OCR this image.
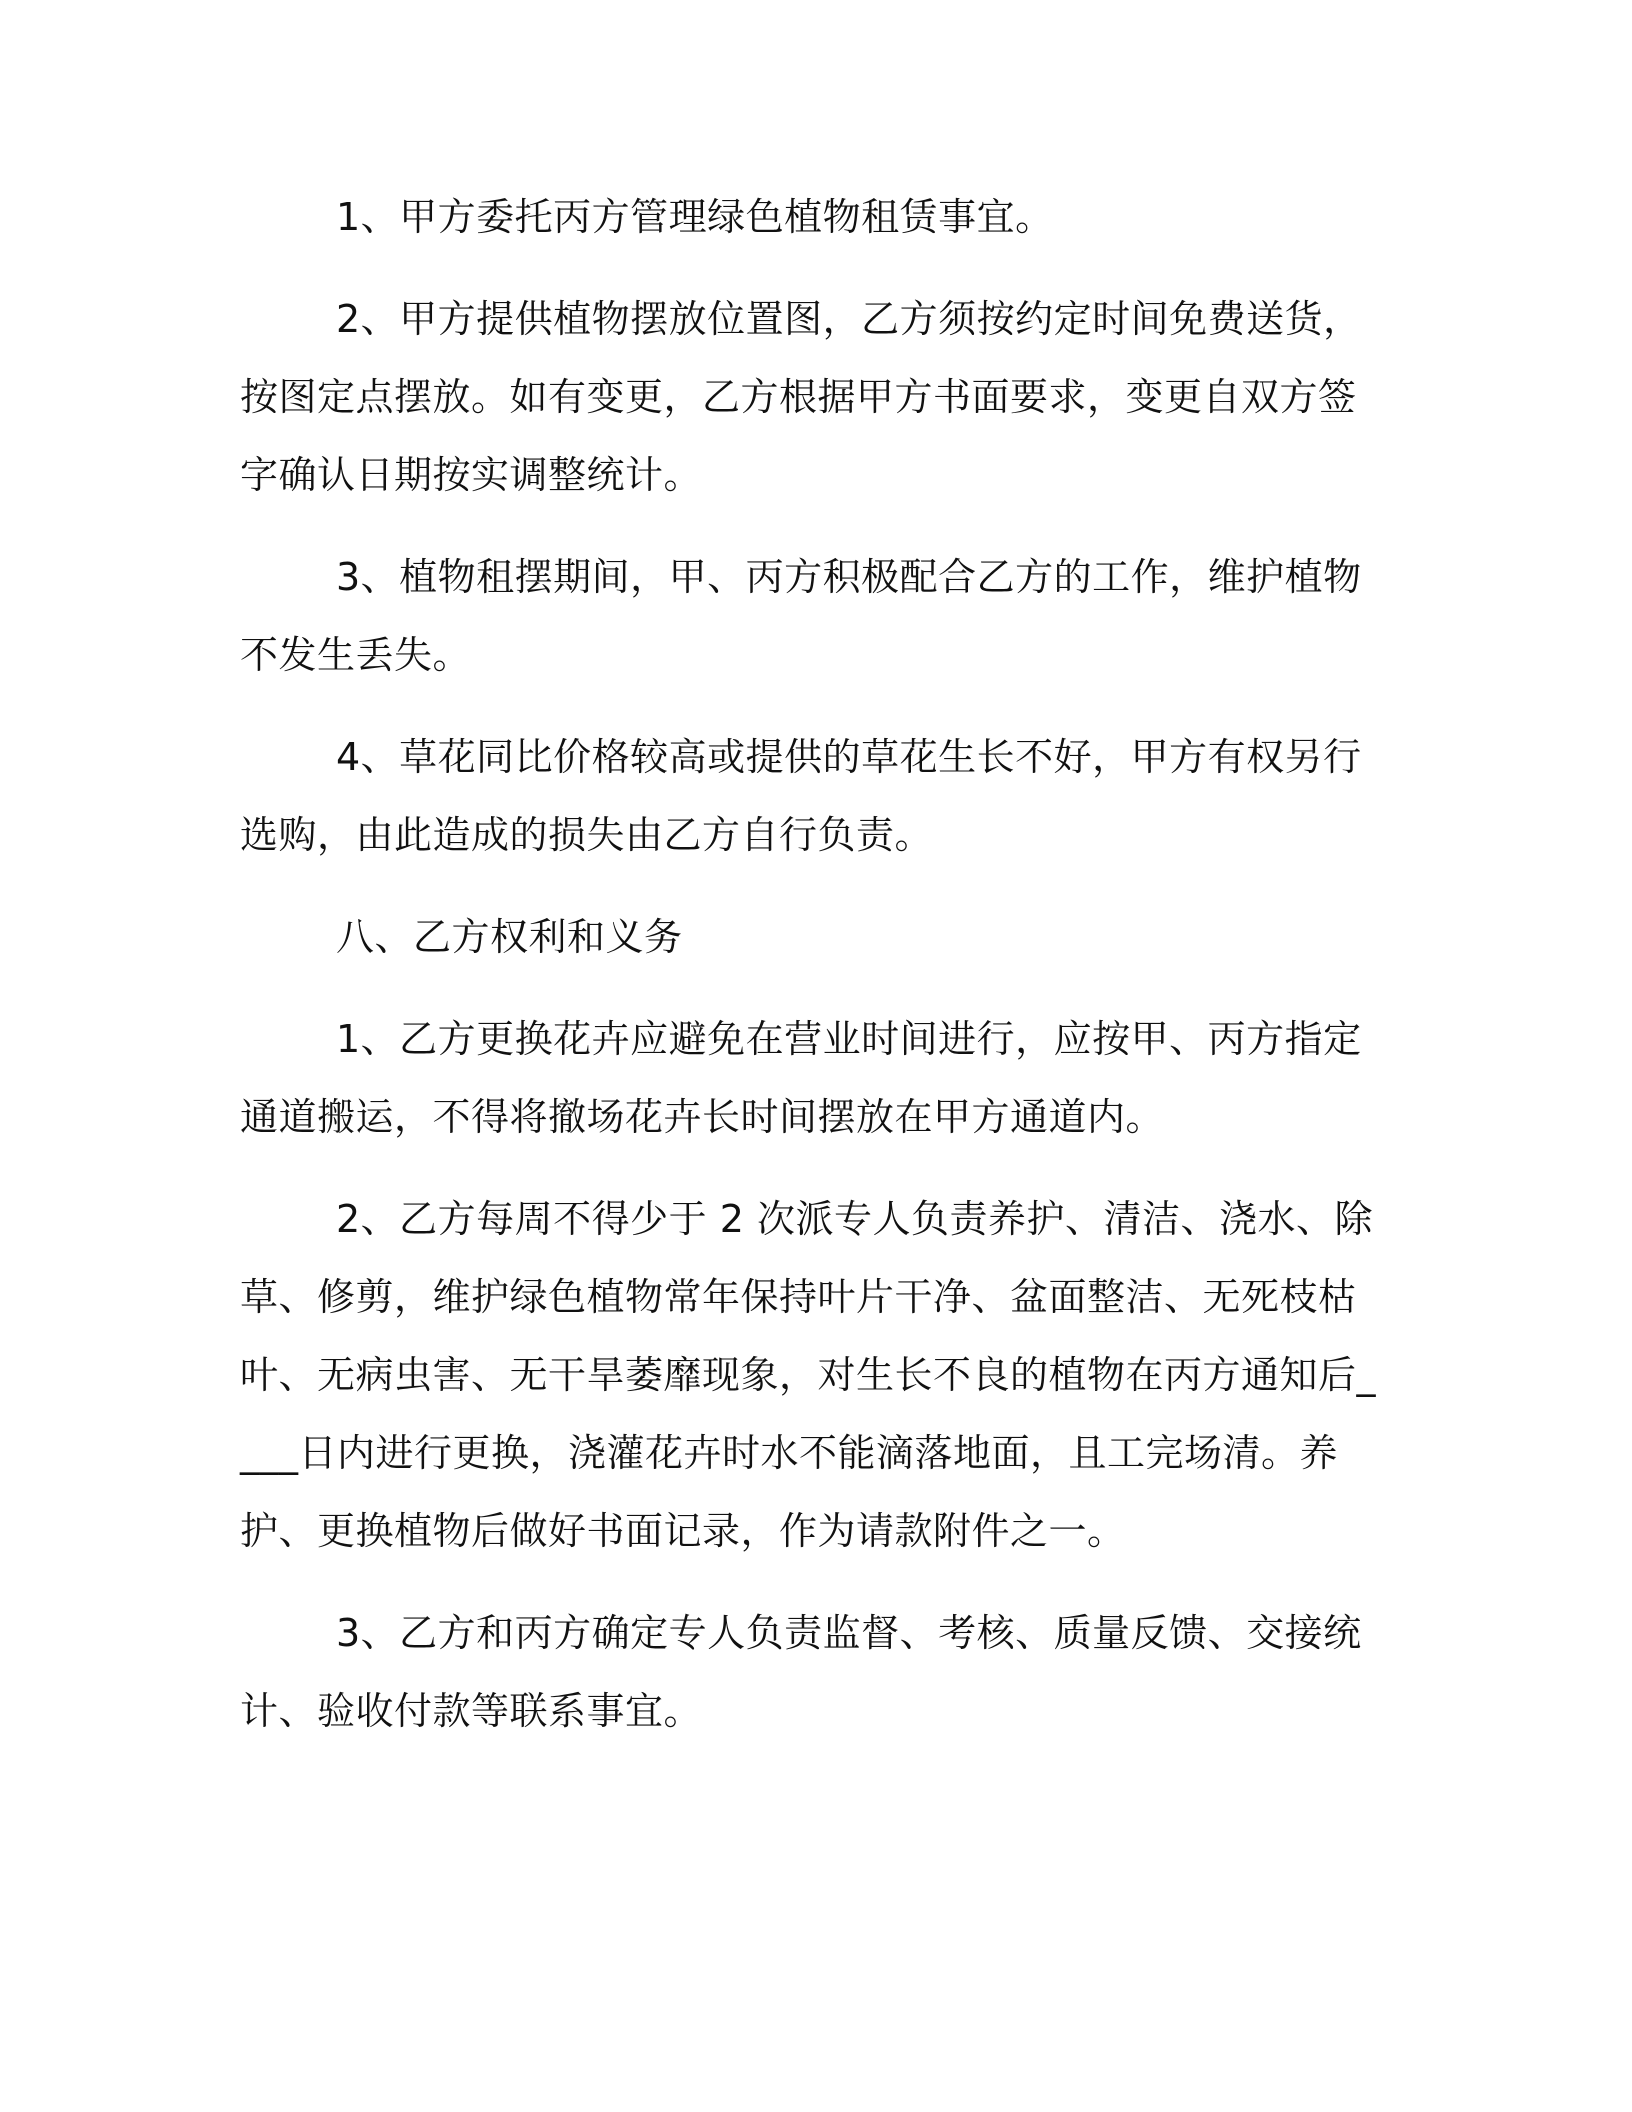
1、甲方委托丙方管理绿色植物租赁事宜。

2、甲方提供植物摆放位置图，乙方须按约定时间免费送货，按图定点摆放。如有变更，乙方根据甲方书面要求，变更自双方签字确认日期按实调整统计。

3、植物租摆期间，甲、丙方积极配合乙方的工作，维护植物不发生丢失。

4、草花同比价格较高或提供的草花生长不好，甲方有权另行选购，由此造成的损失由乙方自行负责。

八、乙方权利和义务

1、乙方更换花卉应避免在营业时间进行，应按甲、丙方指定通道搬运，不得将撤场花卉长时间摆放在甲方通道内。

2、乙方每周不得少于 2 次派专人负责养护、清洁、浇水、除草、修剪，维护绿色植物常年保持叶片干净、盆面整洁、无死枝枯叶、无病虫害、无干旱萎靡现象，对生长不良的植物在丙方通知后____日内进行更换，浇灌花卉时水不能滴落地面，且工完场清。养护、更换植物后做好书面记录，作为请款附件之一。

3、乙方和丙方确定专人负责监督、考核、质量反馈、交接统计、验收付款等联系事宜。
